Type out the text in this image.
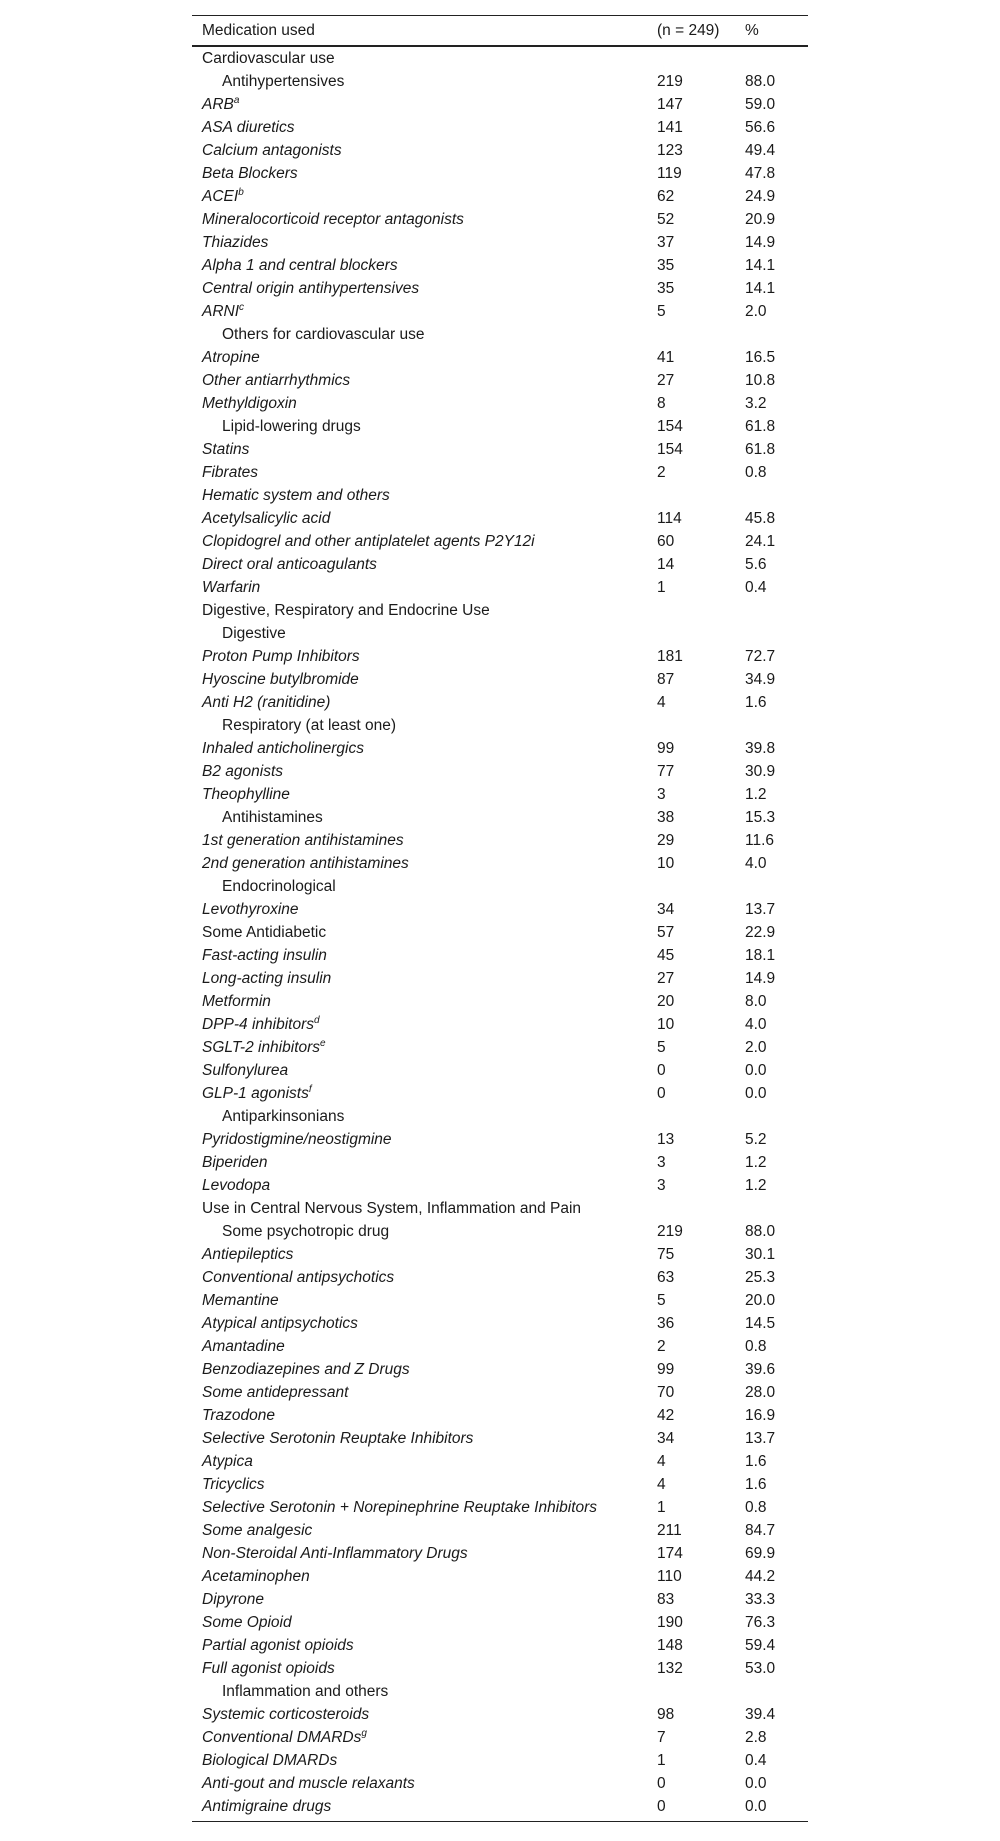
Medication used	(n = 249) %
Cardiovascular use
Antihypertensives	219	88.0
ARB$^a$	147	59.0
ASA diuretics	141	56.6
Calcium antagonists	123	49.4
Beta Blockers	119	47.8
ACEI$^b$	62	24.9
Mineralocorticoid receptor antagonists	52	20.9
Thiazides	37	14.9
Alpha 1 and central blockers	35	14.1
Central origin antihypertensives	35	14.1
ARNI$^c$	5	2.0
Others for cardiovascular use
Atropine	41	16.5
Other antiarrhythmics	27	10.8
Methyldigoxin	8	3.2
Lipid-lowering drugs	154	61.8
Statins	154	61.8
Fibrates	2	0.8
Hematic system and others
Acetylsalicylic acid	114	45.8
Clopidogrel and other antiplatelet agents P2Y12i	60	24.1
Direct oral anticoagulants	14	5.6
Warfarin	1	0.4
Digestive, Respiratory and Endocrine Use
Digestive
Proton Pump Inhibitors	181	72.7
Hyoscine butylbromide	87	34.9
Anti H2 (ranitidine)	4	1.6
Respiratory (at least one)
Inhaled anticholinergics	99	39.8
B2 agonists	77	30.9
Theophylline	3	1.2
Antihistamines	38	15.3
1st generation antihistamines	29	11.6
2nd generation antihistamines	10	4.0
Endocrinological
Levothyroxine	34	13.7
Some Antidiabetic	57	22.9
Fast-acting insulin	45	18.1
Long-acting insulin	27	14.9
Metformin	20	8.0
DPP-4 inhibitors$^d$	10	4.0
SGLT-2 inhibitors$^e$	5	2.0
Sulfonylurea	0	0.0
GLP-1 agonists$^f$	0	0.0
Antiparkinsonians
Pyridostigmine/neostigmine	13	5.2
Biperiden	3	1.2
Levodopa	3	1.2
Use in Central Nervous System, Inflammation and Pain
Some psychotropic drug	219	88.0
Antiepileptics	75	30.1
Conventional antipsychotics	63	25.3
Memantine	5	20.0
Atypical antipsychotics	36	14.5
Amantadine	2	0.8
Benzodiazepines and Z Drugs	99	39.6
Some antidepressant	70	28.0
Trazodone	42	16.9
Selective Serotonin Reuptake Inhibitors	34	13.7
Atypica	4	1.6
Tricyclics	4	1.6
Selective Serotonin + Norepinephrine Reuptake Inhibitors	1	0.8
Some analgesic	211	84.7
Non-Steroidal Anti-Inflammatory Drugs	174	69.9
Acetaminophen	110	44.2
Dipyrone	83	33.3
Some Opioid	190	76.3
Partial agonist opioids	148	59.4
Full agonist opioids	132	53.0
Inflammation and others
Systemic corticosteroids	98	39.4
Conventional DMARDs$^g$	7	2.8
Biological DMARDs	1	0.4
Anti-gout and muscle relaxants	0	0.0
Antimigraine drugs	0	0.0
